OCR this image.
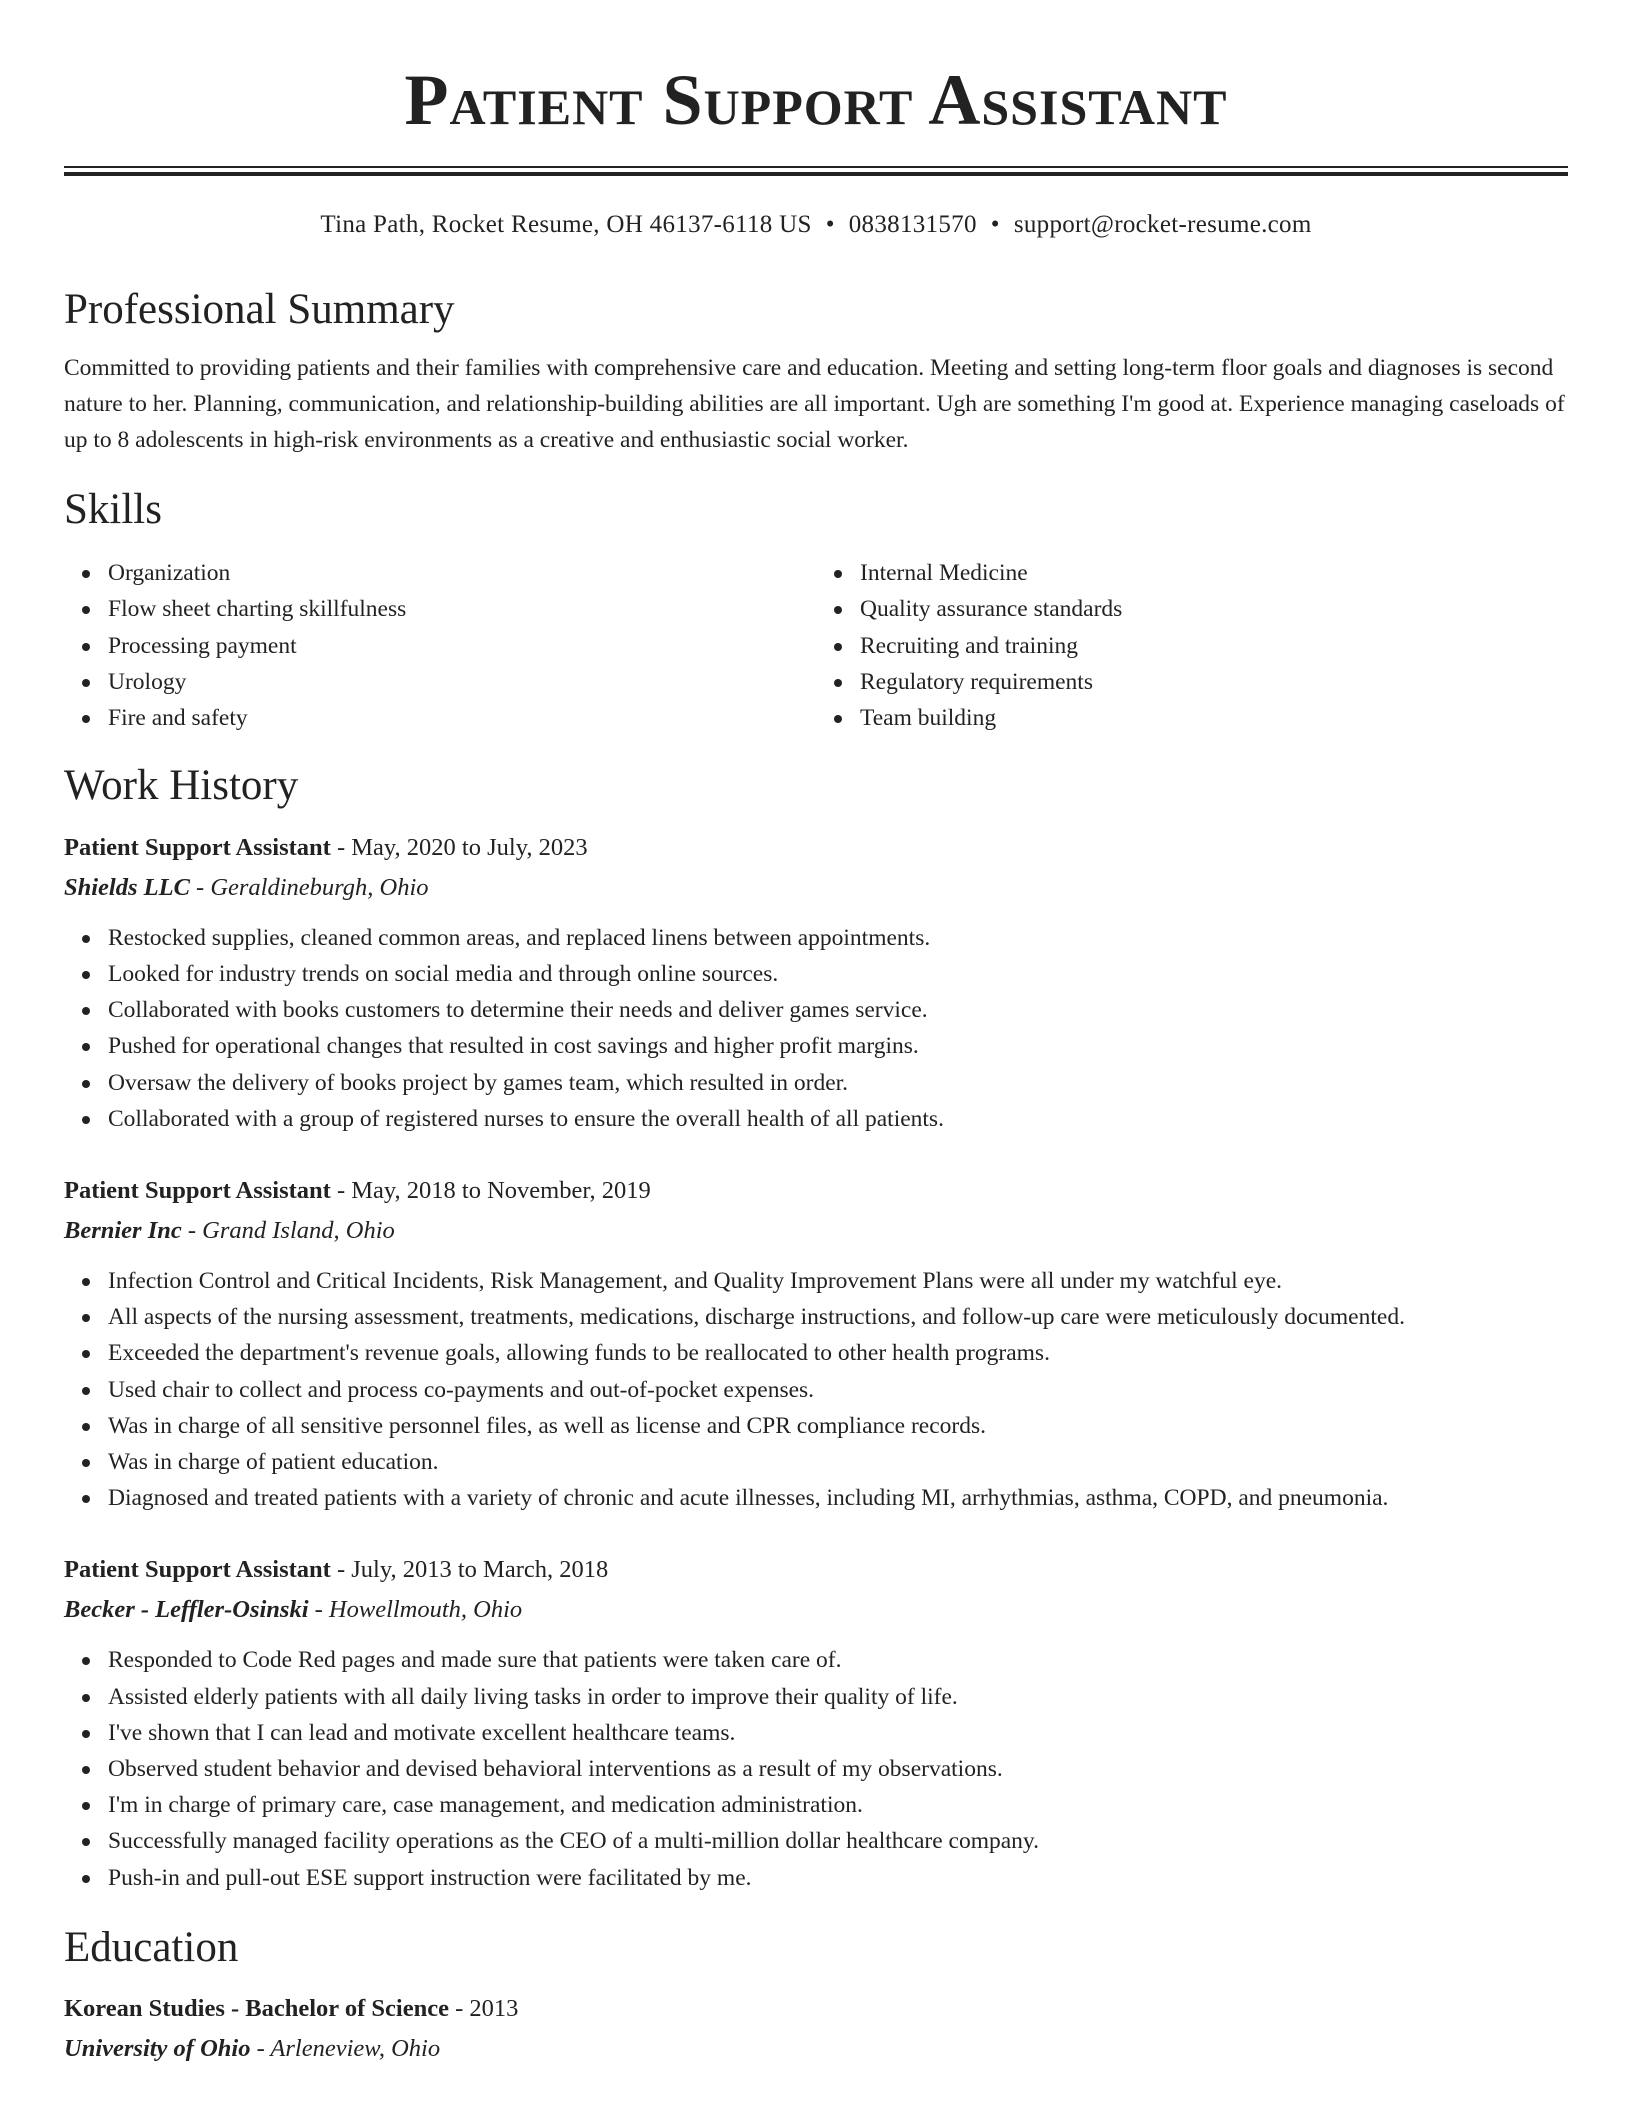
Patient Support Assistant
Tina Path, Rocket Resume, OH 46137-6118 US • 0838131570 • support@rocket-resume.com
Professional Summary

Committed to providing patients and their families with comprehensive care and education. Meeting and setting long-term floor goals and diagnoses is second nature to her. Planning, communication, and relationship-building abilities are all important. Ugh are something I'm good at. Experience managing caseloads of up to 8 adolescents in high-risk environments as a creative and enthusiastic social worker.

Skills
Organization
Flow sheet charting skillfulness
Processing payment
Urology
Fire and safety
Internal Medicine
Quality assurance standards
Recruiting and training
Regulatory requirements
Team building
Work History

Patient Support Assistant - May, 2020 to July, 2023

Shields LLC - Geraldineburgh, Ohio

Restocked supplies, cleaned common areas, and replaced linens between appointments.
Looked for industry trends on social media and through online sources.
Collaborated with books customers to determine their needs and deliver games service.
Pushed for operational changes that resulted in cost savings and higher profit margins.
Oversaw the delivery of books project by games team, which resulted in order.
Collaborated with a group of registered nurses to ensure the overall health of all patients.

Patient Support Assistant - May, 2018 to November, 2019

Bernier Inc - Grand Island, Ohio

Infection Control and Critical Incidents, Risk Management, and Quality Improvement Plans were all under my watchful eye.
All aspects of the nursing assessment, treatments, medications, discharge instructions, and follow-up care were meticulously documented.
Exceeded the department's revenue goals, allowing funds to be reallocated to other health programs.
Used chair to collect and process co-payments and out-of-pocket expenses.
Was in charge of all sensitive personnel files, as well as license and CPR compliance records.
Was in charge of patient education.
Diagnosed and treated patients with a variety of chronic and acute illnesses, including MI, arrhythmias, asthma, COPD, and pneumonia.

Patient Support Assistant - July, 2013 to March, 2018

Becker - Leffler-Osinski - Howellmouth, Ohio

Responded to Code Red pages and made sure that patients were taken care of.
Assisted elderly patients with all daily living tasks in order to improve their quality of life.
I've shown that I can lead and motivate excellent healthcare teams.
Observed student behavior and devised behavioral interventions as a result of my observations.
I'm in charge of primary care, case management, and medication administration.
Successfully managed facility operations as the CEO of a multi-million dollar healthcare company.
Push-in and pull-out ESE support instruction were facilitated by me.
Education

Korean Studies - Bachelor of Science - 2013

University of Ohio - Arleneview, Ohio
